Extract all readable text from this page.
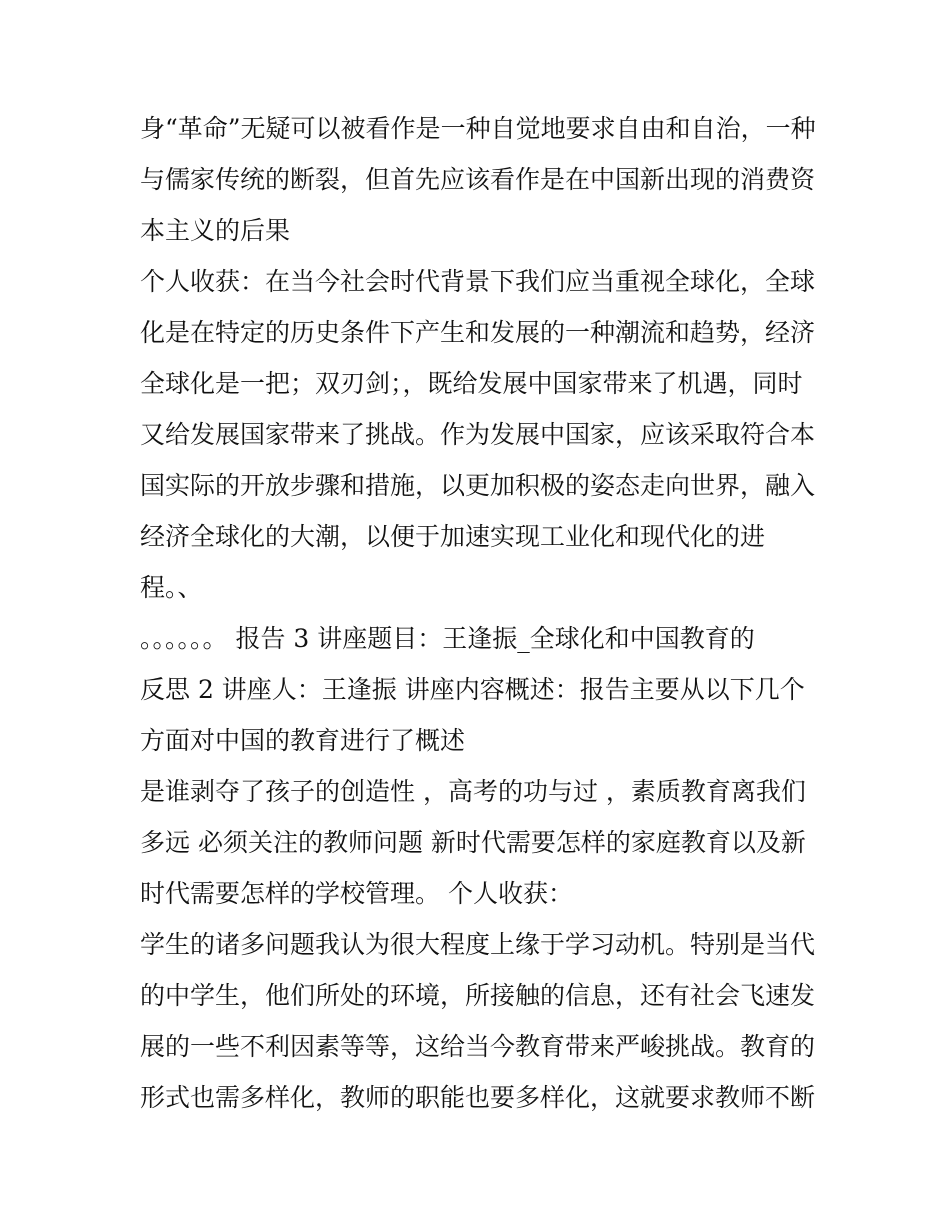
身“革命”无疑可以被看作是一种自觉地要求自由和自治，一种
与儒家传统的断裂，但首先应该看作是在中国新出现的消费资
本主义的后果
个人收获：在当今社会时代背景下我们应当重视全球化，全球
化是在特定的历史条件下产生和发展的一种潮流和趋势，经济
全球化是一把；双刃剑；，既给发展中国家带来了机遇，同时
又给发展国家带来了挑战。作为发展中国家，应该采取符合本
国实际的开放步骤和措施，以更加积极的姿态走向世界，融入
经济全球化的大潮，以便于加速实现工业化和现代化的进
程。、
。。。。。。 报告 3 讲座题目：王逢振_全球化和中国教育的
反思 2 讲座人：王逢振 讲座内容概述：报告主要从以下几个
方面对中国的教育进行了概述
是谁剥夺了孩子的创造性 ，高考的功与过 ，素质教育离我们
多远 必须关注的教师问题 新时代需要怎样的家庭教育以及新
时代需要怎样的学校管理。 个人收获：
学生的诸多问题我认为很大程度上缘于学习动机。特别是当代
的中学生，他们所处的环境，所接触的信息，还有社会飞速发
展的一些不利因素等等，这给当今教育带来严峻挑战。教育的
形式也需多样化，教师的职能也要多样化，这就要求教师不断
